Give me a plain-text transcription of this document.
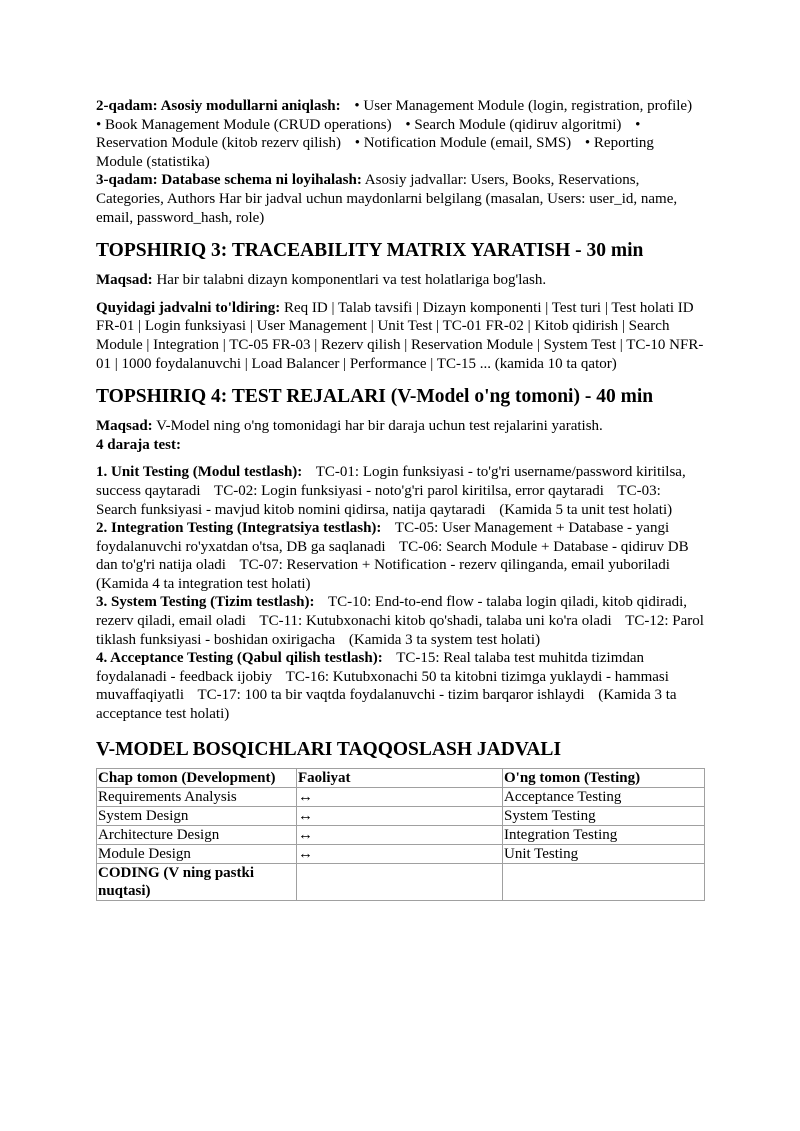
2-qadam: Asosiy modullarni aniqlash: • User Management Module (login, registration, profile) • Book Management Module (CRUD operations) • Search Module (qidiruv algoritmi) • Reservation Module (kitob rezerv qilish) • Notification Module (email, SMS) • Reporting Module (statistika)

3-qadam: Database schema ni loyihalash: Asosiy jadvallar: Users, Books, Reservations, Categories, Authors Har bir jadval uchun maydonlarni belgilang (masalan, Users: user_id, name, email, password_hash, role)

TOPSHIRIQ 3: TRACEABILITY MATRIX YARATISH - 30 min

Maqsad: Har bir talabni dizayn komponentlari va test holatlariga bog'lash.

Quyidagi jadvalni to'ldiring: Req ID | Talab tavsifi | Dizayn komponenti | Test turi | Test holati ID FR-01 | Login funksiyasi | User Management | Unit Test | TC-01 FR-02 | Kitob qidirish | Search Module | Integration | TC-05 FR-03 | Rezerv qilish | Reservation Module | System Test | TC-10 NFR-01 | 1000 foydalanuvchi | Load Balancer | Performance | TC-15 ... (kamida 10 ta qator)

TOPSHIRIQ 4: TEST REJALARI (V-Model o'ng tomoni) - 40 min

Maqsad: V-Model ning o'ng tomonidagi har bir daraja uchun test rejalarini yaratish.

4 daraja test:

1. Unit Testing (Modul testlash): TC-01: Login funksiyasi - to'g'ri username/password kiritilsa, success qaytaradi TC-02: Login funksiyasi - noto'g'ri parol kiritilsa, error qaytaradi TC-03: Search funksiyasi - mavjud kitob nomini qidirsa, natija qaytaradi (Kamida 5 ta unit test holati)

2. Integration Testing (Integratsiya testlash): TC-05: User Management + Database - yangi foydalanuvchi ro'yxatdan o'tsa, DB ga saqlanadi TC-06: Search Module + Database - qidiruv DB dan to'g'ri natija oladi TC-07: Reservation + Notification - rezerv qilinganda, email yuboriladi (Kamida 4 ta integration test holati)

3. System Testing (Tizim testlash): TC-10: End-to-end flow - talaba login qiladi, kitob qidiradi, rezerv qiladi, email oladi TC-11: Kutubxonachi kitob qo'shadi, talaba uni ko'ra oladi TC-12: Parol tiklash funksiyasi - boshidan oxirigacha (Kamida 3 ta system test holati)

4. Acceptance Testing (Qabul qilish testlash): TC-15: Real talaba test muhitda tizimdan foydalanadi - feedback ijobiy TC-16: Kutubxonachi 50 ta kitobni tizimga yuklaydi - hammasi muvaffaqiyatli TC-17: 100 ta bir vaqtda foydalanuvchi - tizim barqaror ishlaydi (Kamida 3 ta acceptance test holati)

V-MODEL BOSQICHLARI TAQQOSLASH JADVALI
Chap tomon (Development)	Faoliyat	O'ng tomon (Testing)
Requirements Analysis	↔	Acceptance Testing
System Design	↔	System Testing
Architecture Design	↔	Integration Testing
Module Design	↔	Unit Testing
CODING (V ning pastki nuqtasi)		
